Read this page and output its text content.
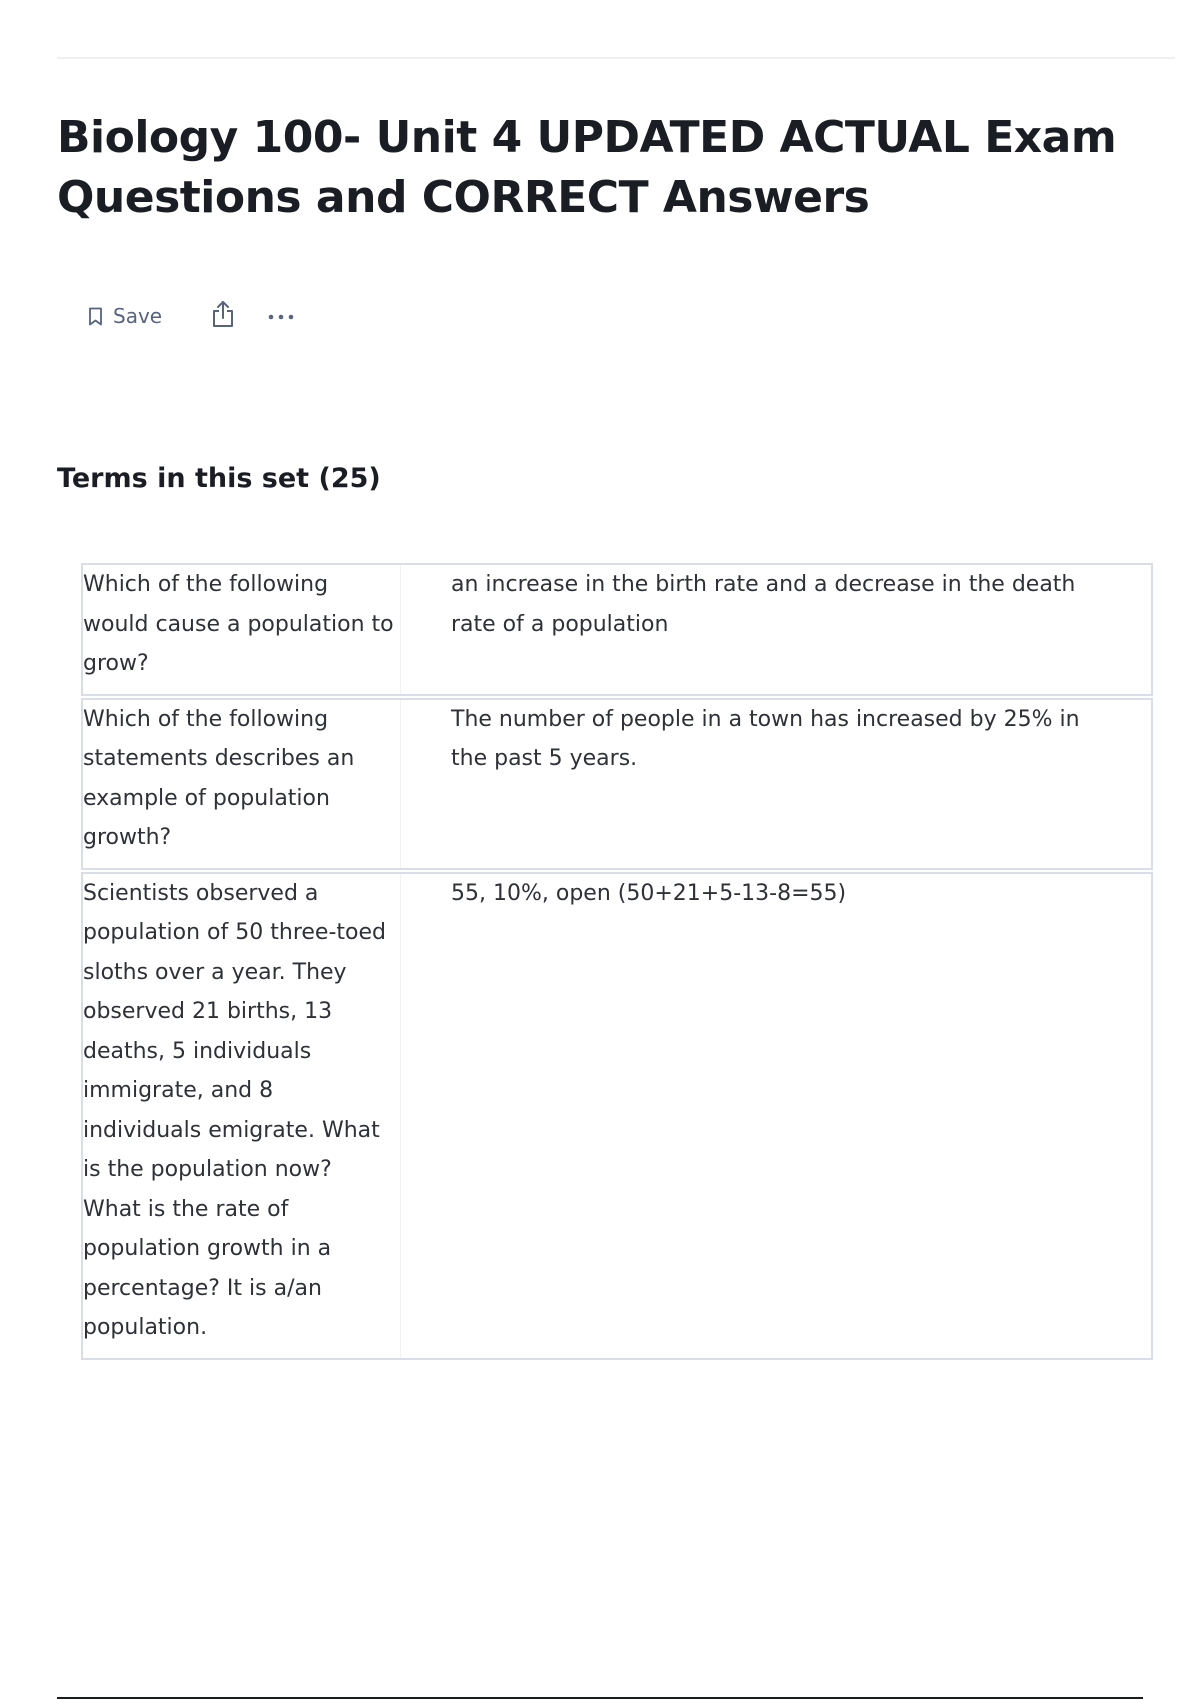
Biology 100- Unit 4 UPDATED ACTUAL Exam Questions and CORRECT Answers
Save
Terms in this set (25)
Which of the following would cause a population to grow?
an increase in the birth rate and a decrease in the death rate of a population
Which of the following statements describes an example of population growth?
The number of people in a town has increased by 25% in the past 5 years.
Scientists observed a population of 50 three-toed sloths over a year. They observed 21 births, 13 deaths, 5 individuals immigrate, and 8 individuals emigrate. What is the population now? What is the rate of population growth in a percentage? It is a/an population.
55, 10%, open (50+21+5-13-8=55)
